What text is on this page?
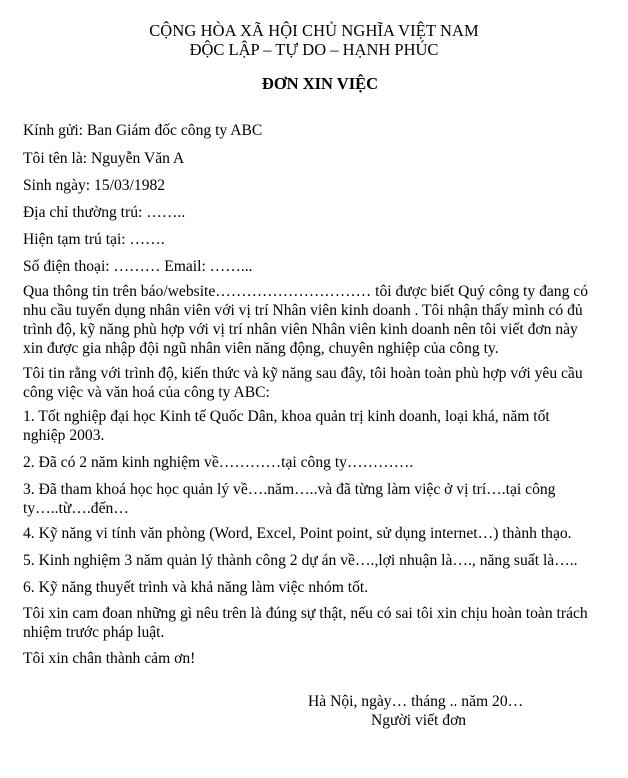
CỘNG HÒA XÃ HỘI CHỦ NGHĨA VIỆT NAM
ĐỘC LẬP – TỰ DO – HẠNH PHÚC
ĐƠN XIN VIỆC
Kính gửi: Ban Giám đốc công ty ABC
Tôi tên là: Nguyễn Văn A
Sinh ngày: 15/03/1982
Địa chỉ thường trú: ……..
Hiện tạm trú tại: …….
Số điện thoại: ……… Email: ……...
Qua thông tin trên báo/website………………………… tôi được biết Quý công ty đang có nhu cầu tuyển dụng nhân viên với vị trí Nhân viên kinh doanh . Tôi nhận thấy mình có đủ trình độ, kỹ năng phù hợp với vị trí nhân viên Nhân viên kinh doanh nên tôi viết đơn này xin được gia nhập đội ngũ nhân viên năng động, chuyên nghiệp của công ty.
Tôi tin rằng với trình độ, kiến thức và kỹ năng sau đây, tôi hoàn toàn phù hợp với yêu cầu công việc và văn hoá của công ty ABC:
1. Tốt nghiệp đại học Kinh tế Quốc Dân, khoa quản trị kinh doanh, loại khá, năm tốt nghiệp 2003.
2. Đã có 2 năm kinh nghiệm về…………tại công ty………….
3. Đã tham khoá học học quản lý về….năm…..và đã từng làm việc ở vị trí….tại công ty…..từ….đến…
4. Kỹ năng vi tính văn phòng (Word, Excel, Point point, sử dụng internet…) thành thạo.
5. Kinh nghiệm 3 năm quản lý thành công 2 dự án về….,lợi nhuận là…., năng suất là…..
6. Kỹ năng thuyết trình và khả năng làm việc nhóm tốt.
Tôi xin cam đoan những gì nêu trên là đúng sự thật, nếu có sai tôi xin chịu hoàn toàn trách nhiệm trước pháp luật.
Tôi xin chân thành cảm ơn!
Hà Nội, ngày… tháng .. năm 20…
Người viết đơn
